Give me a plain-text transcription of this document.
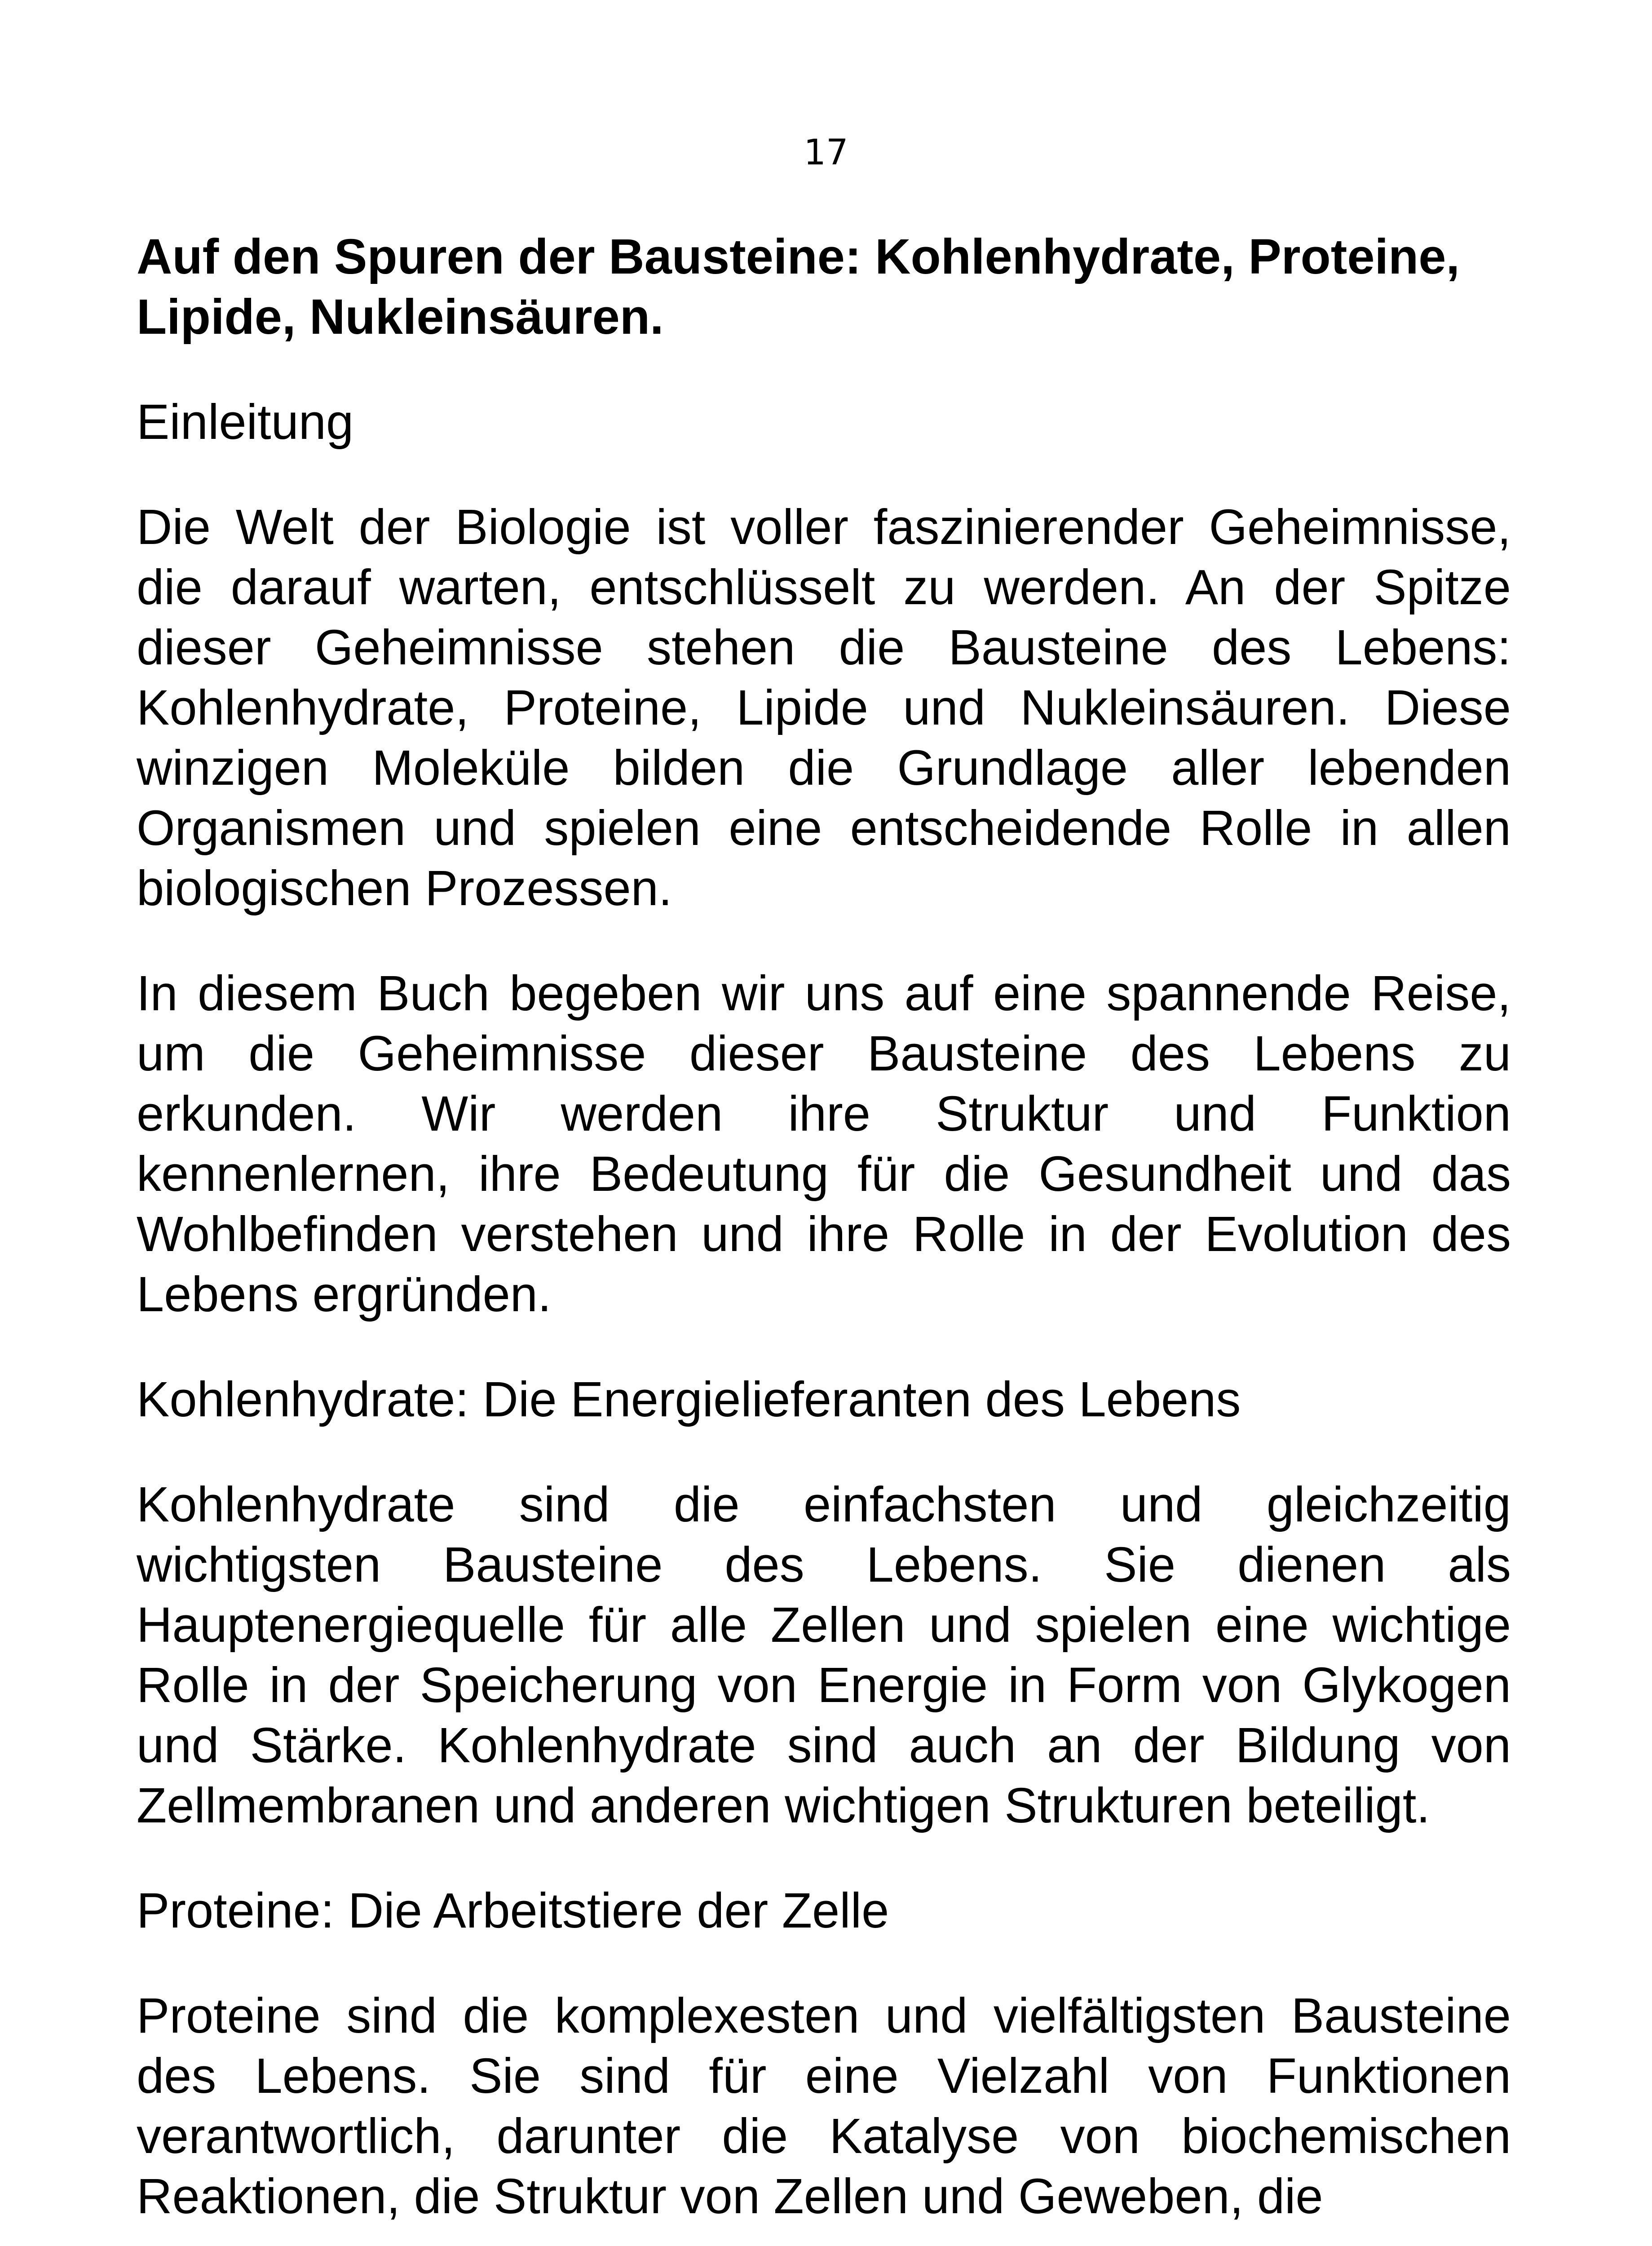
17
Auf den Spuren der Bausteine: Kohlenhydrate, Proteine, Lipide, Nukleinsäuren.
Einleitung

Die Welt der Biologie ist voller faszinierender Geheimnisse, die darauf warten, entschlüsselt zu werden. An der Spitze dieser Geheimnisse stehen die Bausteine des Lebens: Kohlenhydrate, Proteine, Lipide und Nukleinsäuren. Diese winzigen Moleküle bilden die Grundlage aller lebenden Organismen und spielen eine entscheidende Rolle in allen biologischen Prozessen.

In diesem Buch begeben wir uns auf eine spannende Reise, um die Geheimnisse dieser Bausteine des Lebens zu erkunden. Wir werden ihre Struktur und Funktion kennenlernen, ihre Bedeutung für die Gesundheit und das Wohlbefinden verstehen und ihre Rolle in der Evolution des Lebens ergründen.

Kohlenhydrate: Die Energielieferanten des Lebens

Kohlenhydrate sind die einfachsten und gleichzeitig wichtigsten Bausteine des Lebens. Sie dienen als Hauptenergiequelle für alle Zellen und spielen eine wichtige Rolle in der Speicherung von Energie in Form von Glykogen und Stärke. Kohlenhydrate sind auch an der Bildung von Zellmembranen und anderen wichtigen Strukturen beteiligt.

Proteine: Die Arbeitstiere der Zelle

Proteine sind die komplexesten und vielfältigsten Bausteine des Lebens. Sie sind für eine Vielzahl von Funktionen verantwortlich, darunter die Katalyse von biochemischen Reaktionen, die Struktur von Zellen und Geweben, die
